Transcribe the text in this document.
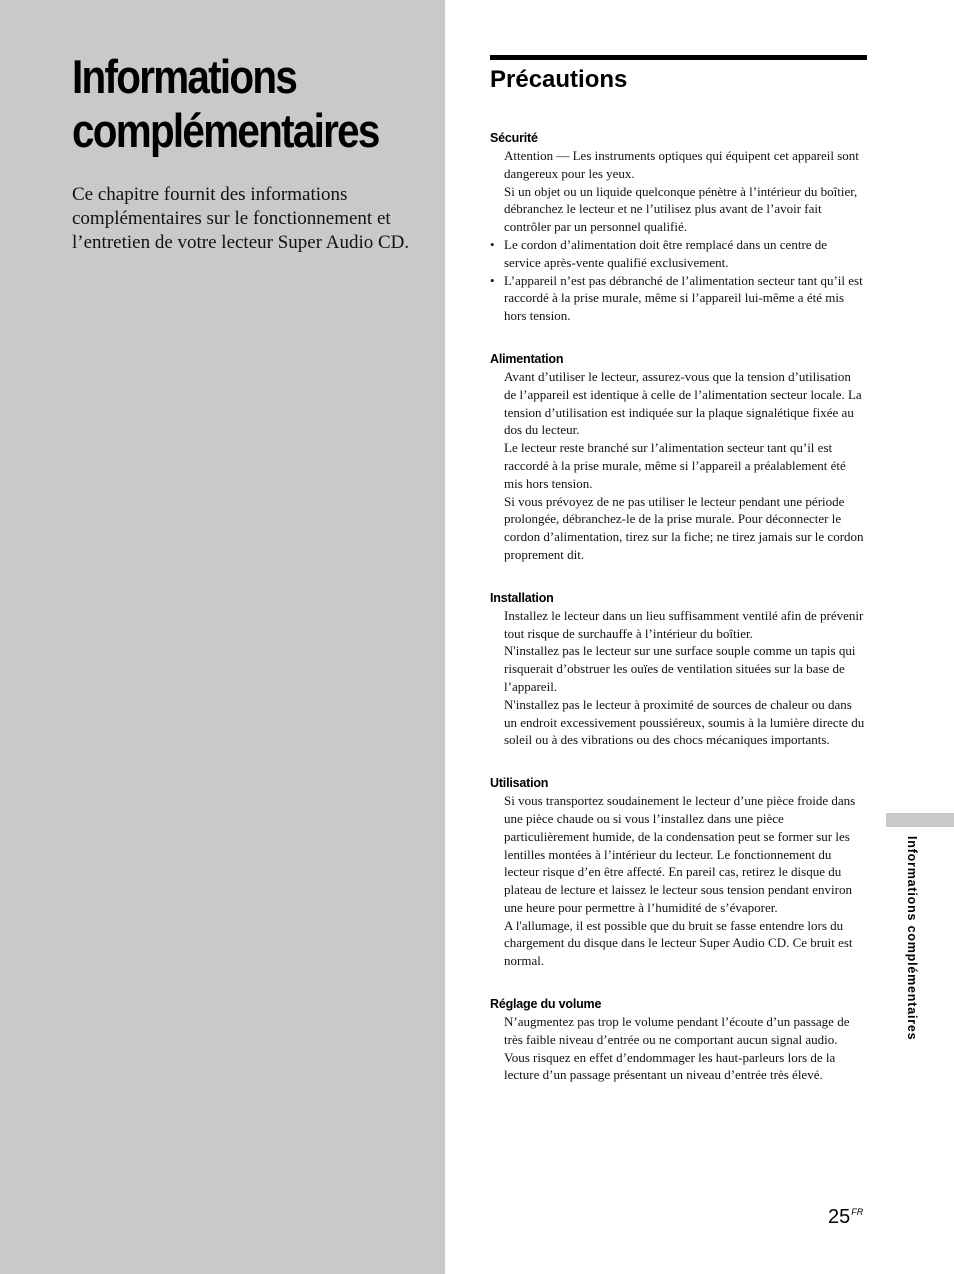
Informations
complémentaires

Ce chapitre fournit des informations complémentaires sur le fonctionnement et l’entretien de votre lecteur Super Audio CD.

Précautions
Sécurité

Attention — Les instruments optiques qui équipent cet appareil sont dangereux pour les yeux.

Si un objet ou un liquide quelconque pénètre à l’intérieur du boîtier, débranchez le lecteur et ne l’utilisez plus avant de l’avoir fait contrôler par un personnel qualifié.

• Le cordon d’alimentation doit être remplacé dans un centre de service après-vente qualifié exclusivement.

• L’appareil n’est pas débranché de l’alimentation secteur tant qu’il est raccordé à la prise murale, même si l’appareil lui-même a été mis hors tension.

Alimentation

Avant d’utiliser le lecteur, assurez-vous que la tension d’utilisation de l’appareil est identique à celle de l’alimentation secteur locale. La tension d’utilisation est indiquée sur la plaque signalétique fixée au dos du lecteur.

Le lecteur reste branché sur l’alimentation secteur tant qu’il est raccordé à la prise murale, même si l’appareil a préalablement été mis hors tension.

Si vous prévoyez de ne pas utiliser le lecteur pendant une période prolongée, débranchez-le de la prise murale. Pour déconnecter le cordon d’alimentation, tirez sur la fiche; ne tirez jamais sur le cordon proprement dit.

Installation

Installez le lecteur dans un lieu suffisamment ventilé afin de prévenir tout risque de surchauffe à l’intérieur du boîtier.

N'installez pas le lecteur sur une surface souple comme un tapis qui risquerait d’obstruer les ouïes de ventilation situées sur la base de l’appareil.

N'installez pas le lecteur à proximité de sources de chaleur ou dans un endroit excessivement poussiéreux, soumis à la lumière directe du soleil ou à des vibrations ou des chocs mécaniques importants.

Utilisation

Si vous transportez soudainement le lecteur d’une pièce froide dans une pièce chaude ou si vous l’installez dans une pièce particulièrement humide, de la condensation peut se former sur les lentilles montées à l’intérieur du lecteur. Le fonctionnement du lecteur risque d’en être affecté. En pareil cas, retirez le disque du plateau de lecture et laissez le lecteur sous tension pendant environ une heure pour permettre à l’humidité de s’évaporer.

A l'allumage, il est possible que du bruit se fasse entendre lors du chargement du disque dans le lecteur Super Audio CD. Ce bruit est normal.

Réglage du volume

N’augmentez pas trop le volume pendant l’écoute d’un passage de très faible niveau d’entrée ou ne comportant aucun signal audio. Vous risquez en effet d’endommager les haut-parleurs lors de la lecture d’un passage présentant un niveau d’entrée très élevé.

Informations complémentaires
$25^{FR}$
